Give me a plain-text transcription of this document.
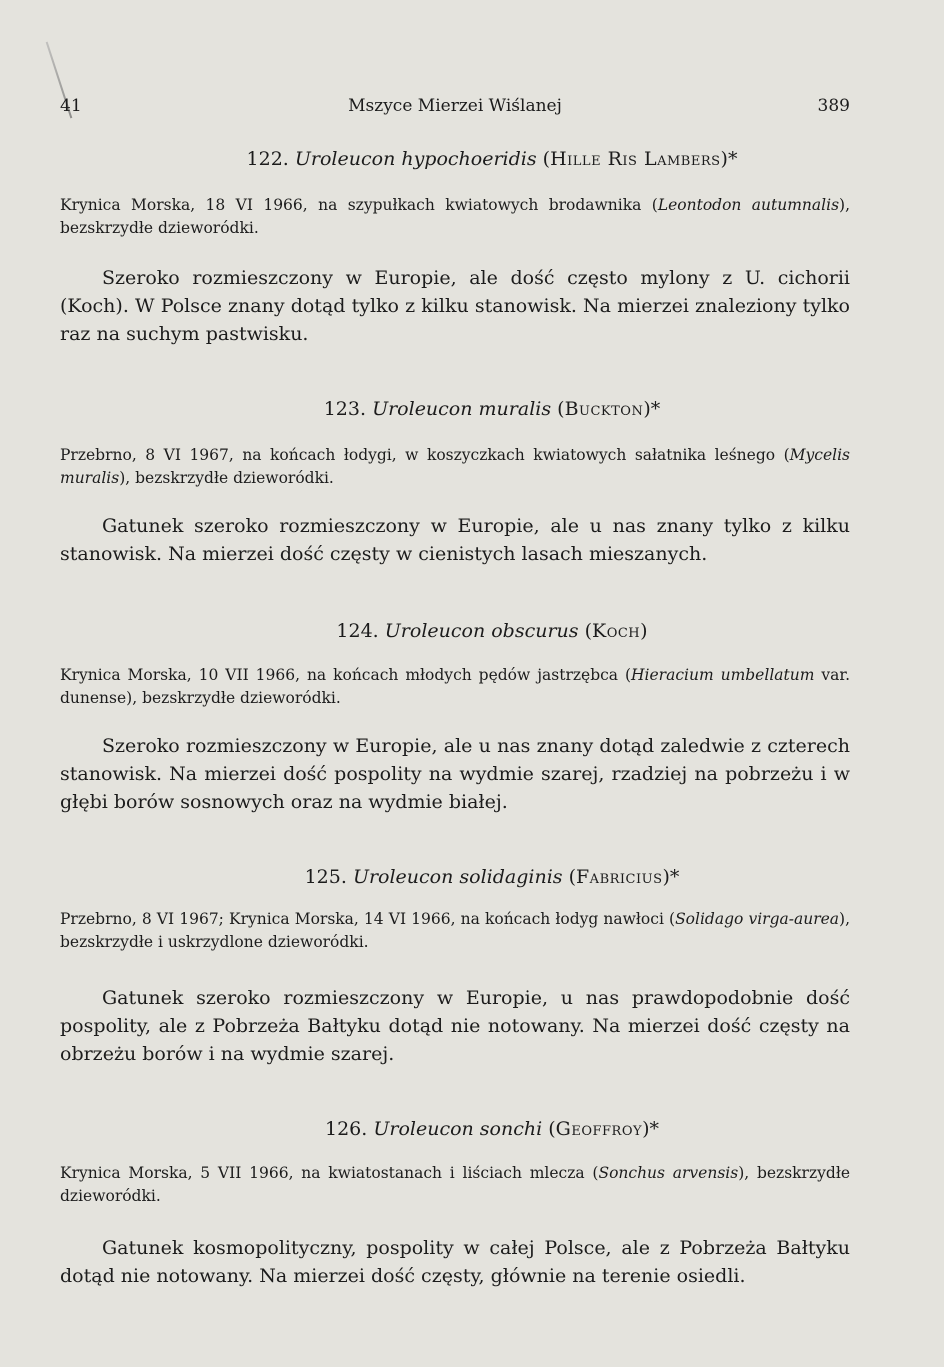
41	Mszyce Mierzei Wiślanej	389
122. Uroleucon hypochoeridis (Hille Ris Lambers)*
Krynica Morska, 18 VI 1966, na szypułkach kwiatowych brodawnika (Leontodon autumnalis), bezskrzydłe dzieworódki.
Szeroko rozmieszczony w Europie, ale dość często mylony z U. cichorii (Koch). W Polsce znany dotąd tylko z kilku stanowisk. Na mierzei znaleziony tylko raz na suchym pastwisku.
123. Uroleucon muralis (Buckton)*
Przebrno, 8 VI 1967, na końcach łodygi, w koszyczkach kwiatowych sałatnika leśnego (Mycelis muralis), bezskrzydłe dzieworódki.
Gatunek szeroko rozmieszczony w Europie, ale u nas znany tylko z kilku stanowisk. Na mierzei dość częsty w cienistych lasach mieszanych.
124. Uroleucon obscurus (Koch)
Krynica Morska, 10 VII 1966, na końcach młodych pędów jastrzębca (Hieracium umbellatum var. dunense), bezskrzydłe dzieworódki.
Szeroko rozmieszczony w Europie, ale u nas znany dotąd zaledwie z czterech stanowisk. Na mierzei dość pospolity na wydmie szarej, rzadziej na pobrzeżu i w głębi borów sosnowych oraz na wydmie białej.
125. Uroleucon solidaginis (Fabricius)*
Przebrno, 8 VI 1967; Krynica Morska, 14 VI 1966, na końcach łodyg nawłoci (Solidago virga-aurea), bezskrzydłe i uskrzydlone dzieworódki.
Gatunek szeroko rozmieszczony w Europie, u nas prawdopodobnie dość pospolity, ale z Pobrzeża Bałtyku dotąd nie notowany. Na mierzei dość częsty na obrzeżu borów i na wydmie szarej.
126. Uroleucon sonchi (Geoffroy)*
Krynica Morska, 5 VII 1966, na kwiatostanach i liściach mlecza (Sonchus arvensis), bezskrzydłe dzieworódki.
Gatunek kosmopolityczny, pospolity w całej Polsce, ale z Pobrzeża Bałtyku dotąd nie notowany. Na mierzei dość częsty, głównie na terenie osiedli.
